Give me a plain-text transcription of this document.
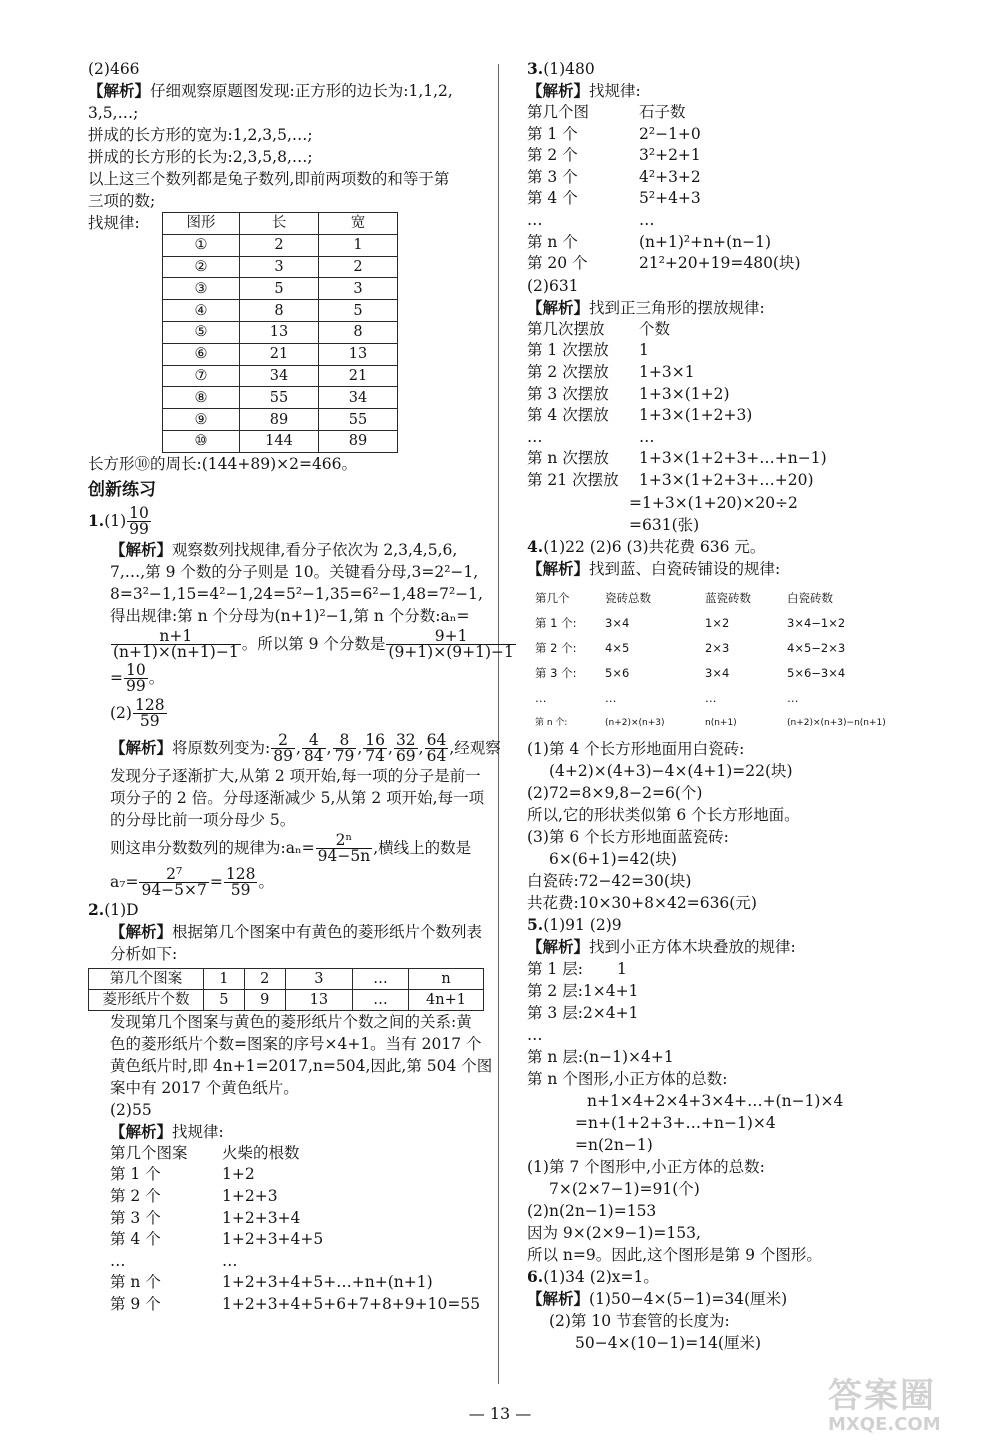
(2)466
【解析】仔细观察原题图发现:正方形的边长为:1,1,2,
3,5,…;
拼成的长方形的宽为:1,2,3,5,…;
拼成的长方形的长为:2,3,5,8,…;
以上这三个数列都是兔子数列,即前两项数的和等于第
三项的数;
找规律:	图形	长	宽
①	2	1
②	3	2
③	5	3
④	8	5
⑤	13	8
⑥	21	13
⑦	34	21
⑧	55	34
⑨	89	55
⑩	144	89
长方形⑩的周长:(144+89)×2=466。
创新练习
$1.(1) \frac{10}{99}$
【解析】观察数列找规律,看分子依次为 2,3,4,5,6,
7,…,第 9 个数的分子则是 10。关键看分母,3=2²−1,
8=3²−1,15=4²−1,24=5²−1,35=6²−1,48=7²−1,
得出规律:第 n 个分母为(n+1)²−1,第 n 个分数:aₙ=
$\frac{n+1}{(n+1)\times(n+1)-1}$ 。所以第 9 个分数是 $\frac{9+1}{(9+1)\times(9+1)-1}$
= $\frac{10}{99}$ 。
$(2) \frac{128}{59}$
【解析】将原数列变为: $\frac{2}{89}$ , $\frac{4}{84}$ , $\frac{8}{79}$ , $\frac{16}{74}$ , $\frac{32}{69}$ , $\frac{64}{64}$ ,经观察
发现分子逐渐扩大,从第 2 项开始,每一项的分子是前一
项分子的 2 倍。分母逐渐减少 5,从第 2 项开始,每一项
的分母比前一项分母少 5。
则这串分数数列的规律为:aₙ= $\frac{\text{2ⁿ}}{94-5n}$ ,横线上的数是
$a_7= \frac{\text{2⁷}}{94-5\times 7} = \frac{128}{59}$ 。
2.(1)D
【解析】根据第几个图案中有黄色的菱形纸片个数列表
分析如下:
第几个图案	1	2	3	…	n
菱形纸片个数	5	9	13	…	4n+1
发现第几个图案与黄色的菱形纸片个数之间的关系:黄
色的菱形纸片个数=图案的序号×4+1。当有 2017 个
黄色纸片时,即 4n+1=2017,n=504,因此,第 504 个图
案中有 2017 个黄色纸片。
(2)55
【解析】找规律:
第几个图案	火柴的根数
第 1 个	1+2
第 2 个	1+2+3
第 3 个	1+2+3+4
第 4 个	1+2+3+4+5
…	…
第 n 个	1+2+3+4+5+…+n+(n+1)
第 9 个	1+2+3+4+5+6+7+8+9+10=55
3.(1)480
【解析】找规律:
第几个图	石子数
第 1 个	2²−1+0
第 2 个	3²+2+1
第 3 个	4²+3+2
第 4 个	5²+4+3
…	…
第 n 个	(n+1)²+n+(n−1)
第 20 个	21²+20+19=480(块)
(2)631
【解析】找到正三角形的摆放规律:
第几次摆放	个数
第 1 次摆放	1
第 2 次摆放	1+3×1
第 3 次摆放	1+3×(1+2)
第 4 次摆放	1+3×(1+2+3)
…	…
第 n 次摆放	1+3×(1+2+3+…+n−1)
第 21 次摆放	1+3×(1+2+3+…+20)
=1+3×(1+20)×20÷2
=631(张)
4.(1)22 (2)6 (3)共花费 636 元。
【解析】找到蓝、白瓷砖铺设的规律:
第几个	瓷砖总数	蓝瓷砖数	白瓷砖数
第 1 个:	3×4	1×2	3×4−1×2
第 2 个:	4×5	2×3	4×5−2×3
第 3 个:	5×6	3×4	5×6−3×4
…	…	…	…
第 n 个:	(n+2)×(n+3)	n(n+1)	(n+2)×(n+3)−n(n+1)
(1)第 4 个长方形地面用白瓷砖:
(4+2)×(4+3)−4×(4+1)=22(块)
(2)72=8×9,8−2=6(个)
所以,它的形状类似第 6 个长方形地面。
(3)第 6 个长方形地面蓝瓷砖:
6×(6+1)=42(块)
白瓷砖:72−42=30(块)
共花费:10×30+8×42=636(元)
5.(1)91 (2)9
【解析】找到小正方体木块叠放的规律:
第 1 层: 1
第 2 层:1×4+1
第 3 层:2×4+1
…
第 n 层:(n−1)×4+1
第 n 个图形,小正方体的总数:
n+1×4+2×4+3×4+…+(n−1)×4
=n+(1+2+3+…+n−1)×4
=n(2n−1)
(1)第 7 个图形中,小正方体的总数:
7×(2×7−1)=91(个)
(2)n(2n−1)=153
因为 9×(2×9−1)=153,
所以 n=9。因此,这个图形是第 9 个图形。
6.(1)34 (2)x=1。
【解析】(1)50−4×(5−1)=34(厘米)
(2)第 10 节套管的长度为:
50−4×(10−1)=14(厘米)
— 13 —	答案圈
MXQE.COM
